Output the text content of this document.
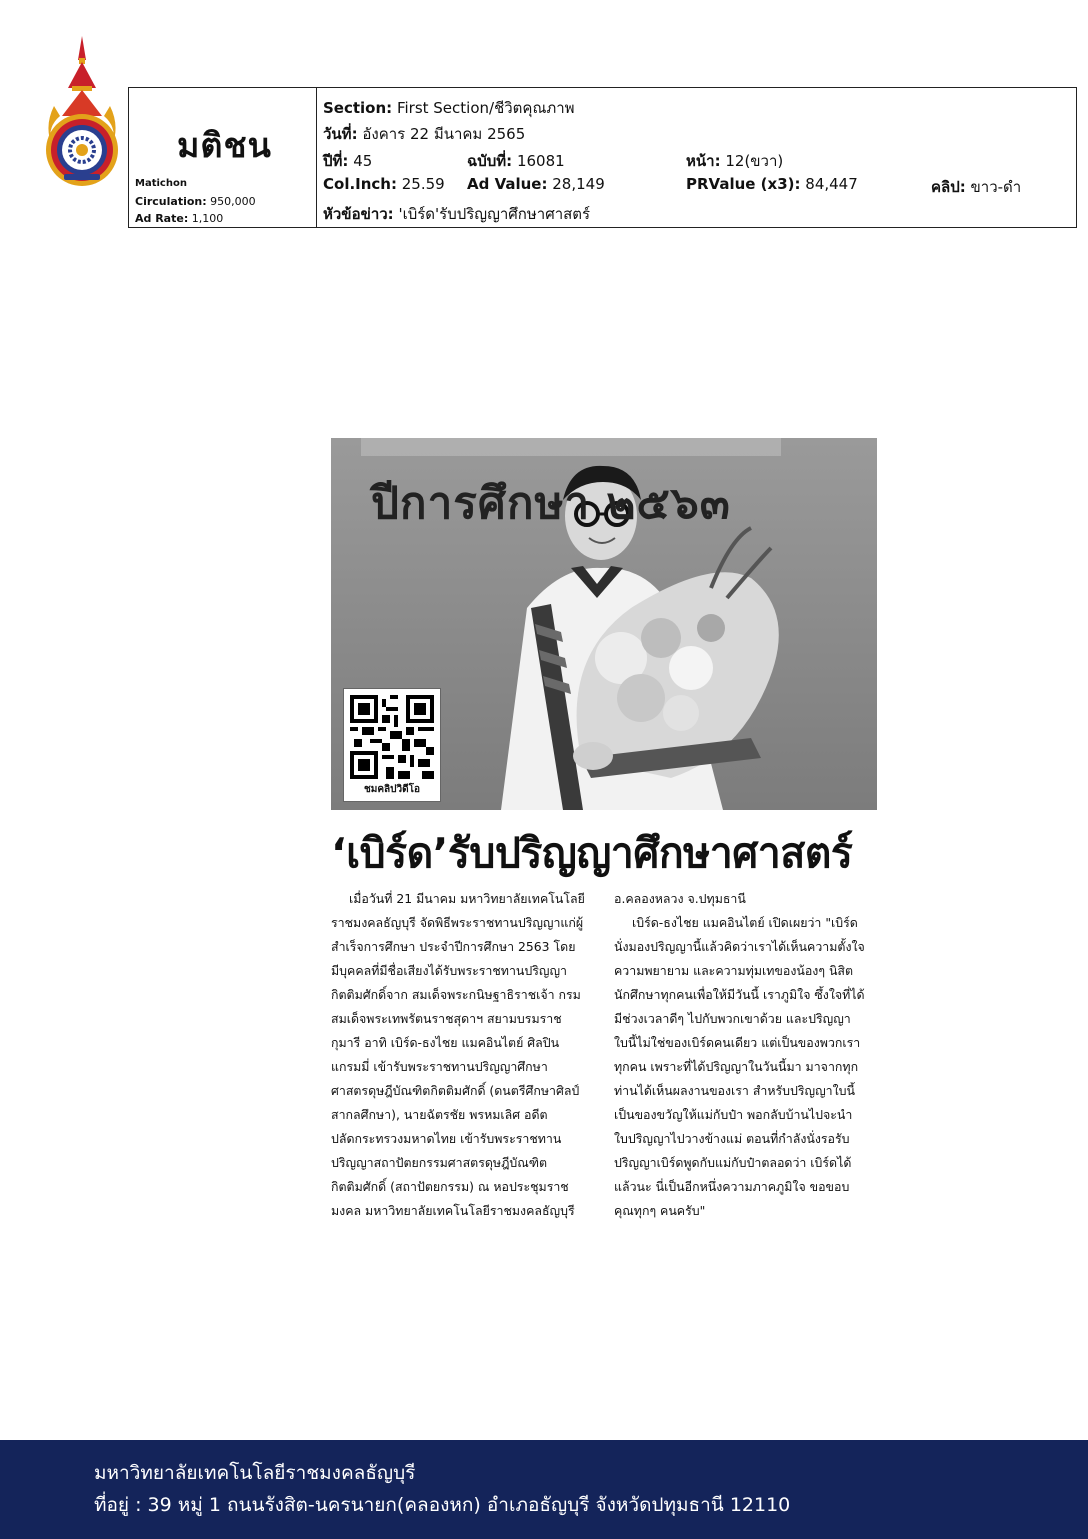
มติชน
Matichon
Circulation: 950,000
Ad Rate: 1,100
Section: First Section/ชีวิตคุณภาพ
วันที่: อังคาร 22 มีนาคม 2565
ปีที่: 45	ฉบับที่: 16081	หน้า: 12(ขวา)
Col.Inch: 25.59 Ad Value: 28,149	PRValue (x3): 84,447	คลิป: ขาว-ดำ
หัวข้อข่าว: 'เบิร์ด'รับปริญญาศึกษาศาสตร์
ปีการศึกษา ๒๕๖๓
ชมคลิปวิดีโอ
‘เบิร์ด’รับปริญญาศึกษาศาสตร์
เมื่อวันที่ 21 มีนาคม มหาวิทยาลัยเทคโนโลยี
ราชมงคลธัญบุรี จัดพิธีพระราชทานปริญญาแก่ผู้
สำเร็จการศึกษา ประจำปีการศึกษา 2563 โดย
มีบุคคลที่มีชื่อเสียงได้รับพระราชทานปริญญา
กิตติมศักดิ์จาก สมเด็จพระกนิษฐาธิราชเจ้า กรม
สมเด็จพระเทพรัตนราชสุดาฯ สยามบรมราช
กุมารี อาทิ เบิร์ด-ธงไชย แมคอินไตย์ ศิลปิน
แกรมมี่ เข้ารับพระราชทานปริญญาศึกษา
ศาสตรดุษฎีบัณฑิตกิตติมศักดิ์ (ดนตรีศึกษาศิลป์
สากลศึกษา), นายฉัตรชัย พรหมเลิศ อดีต
ปลัดกระทรวงมหาดไทย เข้ารับพระราชทาน
ปริญญาสถาปัตยกรรมศาสตรดุษฎีบัณฑิต
กิตติมศักดิ์ (สถาปัตยกรรม) ณ หอประชุมราช
มงคล มหาวิทยาลัยเทคโนโลยีราชมงคลธัญบุรี
อ.คลองหลวง จ.ปทุมธานี
เบิร์ด-ธงไชย แมคอินไตย์ เปิดเผยว่า "เบิร์ด
นั่งมองปริญญานี้แล้วคิดว่าเราได้เห็นความตั้งใจ
ความพยายาม และความทุ่มเทของน้องๆ นิสิต
นักศึกษาทุกคนเพื่อให้มีวันนี้ เราภูมิใจ ซึ้งใจที่ได้
มีช่วงเวลาดีๆ ไปกับพวกเขาด้วย และปริญญา
ใบนี้ไม่ใช่ของเบิร์ดคนเดียว แต่เป็นของพวกเรา
ทุกคน เพราะที่ได้ปริญญาในวันนี้มา มาจากทุก
ท่านได้เห็นผลงานของเรา สำหรับปริญญาใบนี้
เป็นของขวัญให้แม่กับป๋า พอกลับบ้านไปจะนำ
ใบปริญญาไปวางข้างแม่ ตอนที่กำลังนั่งรอรับ
ปริญญาเบิร์ดพูดกับแม่กับป๋าตลอดว่า เบิร์ดได้
แล้วนะ นี่เป็นอีกหนึ่งความภาคภูมิใจ ขอขอบ
คุณทุกๆ คนครับ"
มหาวิทยาลัยเทคโนโลยีราชมงคลธัญบุรี
ที่อยู่ : 39 หมู่ 1 ถนนรังสิต-นครนายก(คลองหก) อำเภอธัญบุรี จังหวัดปทุมธานี 12110
